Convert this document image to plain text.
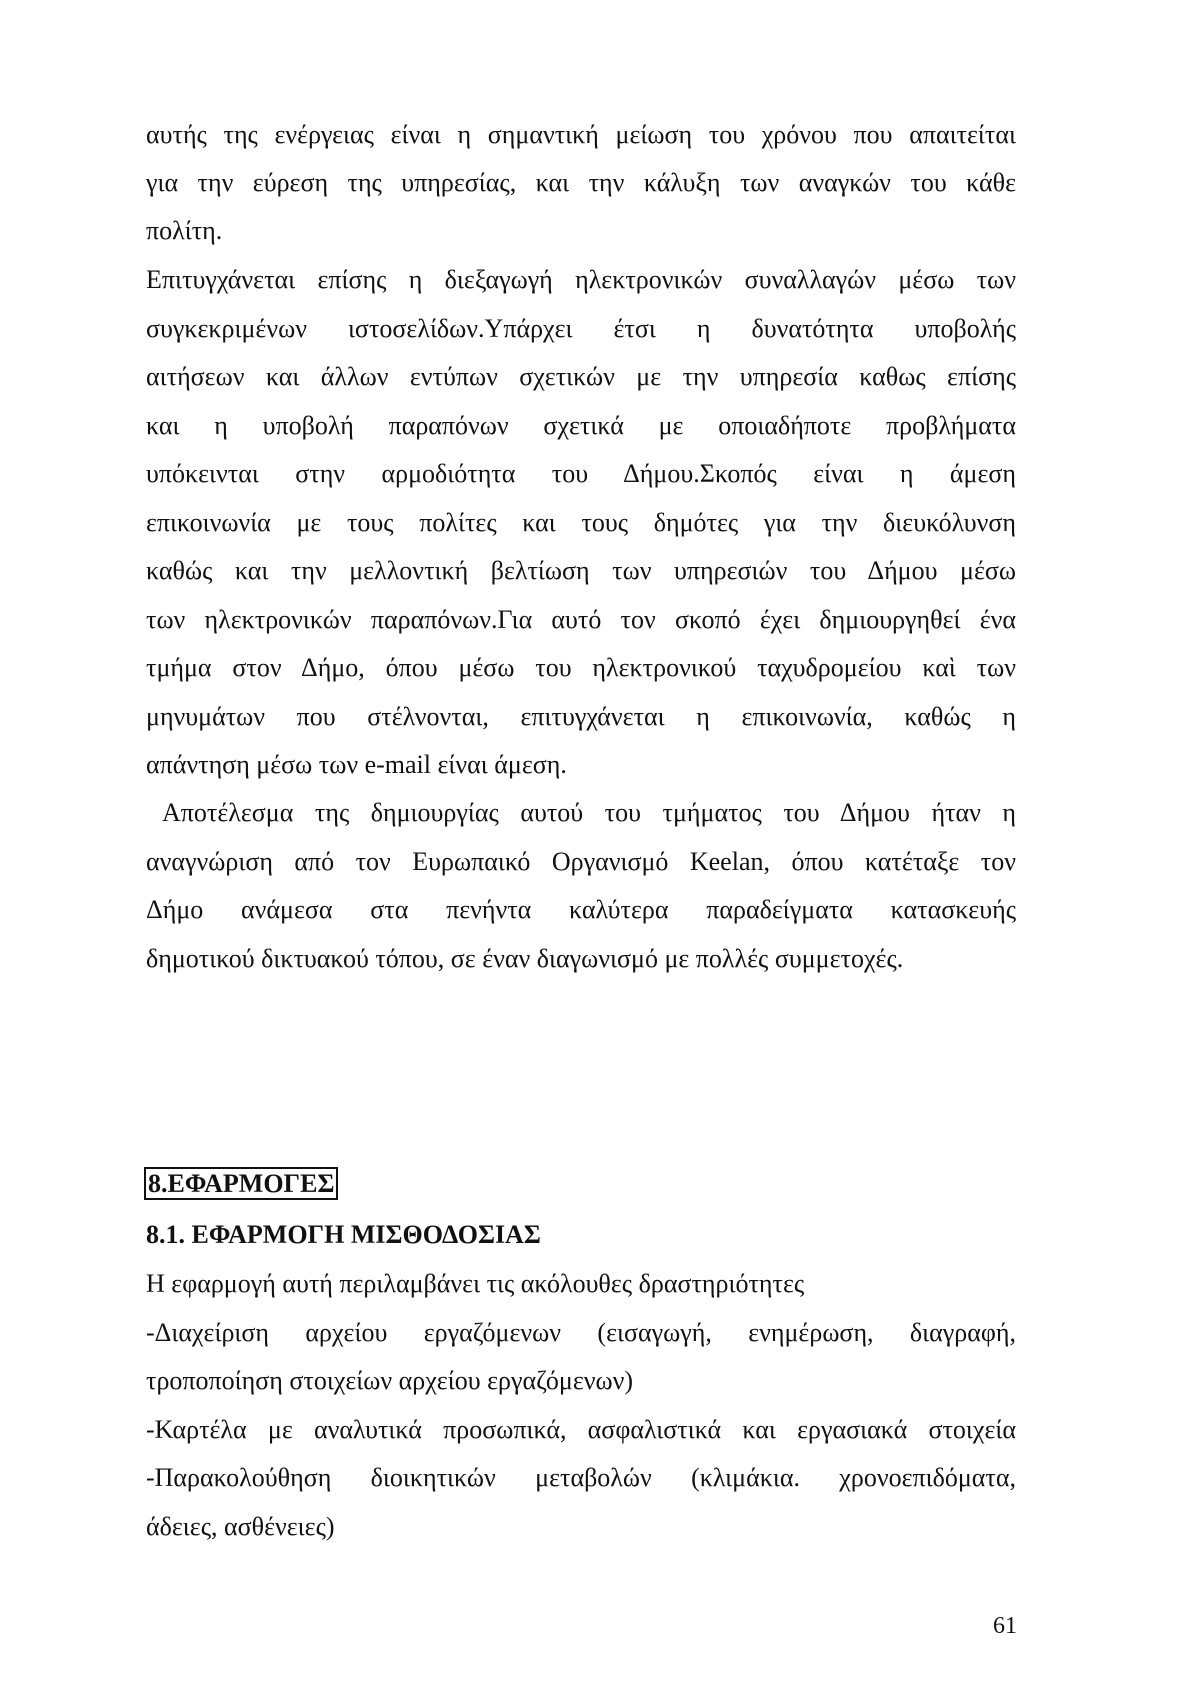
αυτής της ενέργειας είναι η σημαντική μείωση του χρόνου που απαιτείται
για την εύρεση της υπηρεσίας, και την κάλυξη των αναγκών του κάθε
πολίτη.
Επιτυγχάνεται επίσης η διεξαγωγή ηλεκτρονικών συναλλαγών μέσω των
συγκεκριμένων ιστοσελίδων.Υπάρχει έτσι η δυνατότητα υποβολής
αιτήσεων και άλλων εντύπων σχετικών με την υπηρεσία καθως επίσης
και η υποβολή παραπόνων σχετικά με οποιαδήποτε προβλήματα
υπόκεινται στην αρμοδιότητα του Δήμου.Σκοπός είναι η άμεση
επικοινωνία με τους πολίτες και τους δημότες για την διευκόλυνση
καθώς και την μελλοντική βελτίωση των υπηρεσιών του Δήμου μέσω
των ηλεκτρονικών παραπόνων.Για αυτό τον σκοπό έχει δημιουργηθεί ένα
τμήμα στον Δήμο, όπου μέσω του ηλεκτρονικού ταχυδρομείου καὶ των
μηνυμάτων που στέλνονται, επιτυγχάνεται η επικοινωνία, καθώς η
απάντηση μέσω των e-mail είναι άμεση.
Αποτέλεσμα της δημιουργίας αυτού του τμήματος του Δήμου ήταν η
αναγνώριση από τον Ευρωπαικό Οργανισμό Keelan, όπου κατέταξε τον
Δήμο ανάμεσα στα πενήντα καλύτερα παραδείγματα κατασκευής
δημοτικού δικτυακού τόπου, σε έναν διαγωνισμό με πολλές συμμετοχές.
8.ΕΦΑΡΜΟΓΕΣ
8.1. ΕΦΑΡΜΟΓΗ ΜΙΣΘΟΔΟΣΙΑΣ
Η εφαρμογή αυτή περιλαμβάνει τις ακόλουθες δραστηριότητες
-Διαχείριση αρχείου εργαζόμενων (εισαγωγή, ενημέρωση, διαγραφή,
τροποποίηση στοιχείων αρχείου εργαζόμενων)
-Καρτέλα με αναλυτικά προσωπικά, ασφαλιστικά και εργασιακά στοιχεία
-Παρακολούθηση διοικητικών μεταβολών (κλιμάκια. χρονοεπιδόματα,
άδειες, ασθένειες)
61
